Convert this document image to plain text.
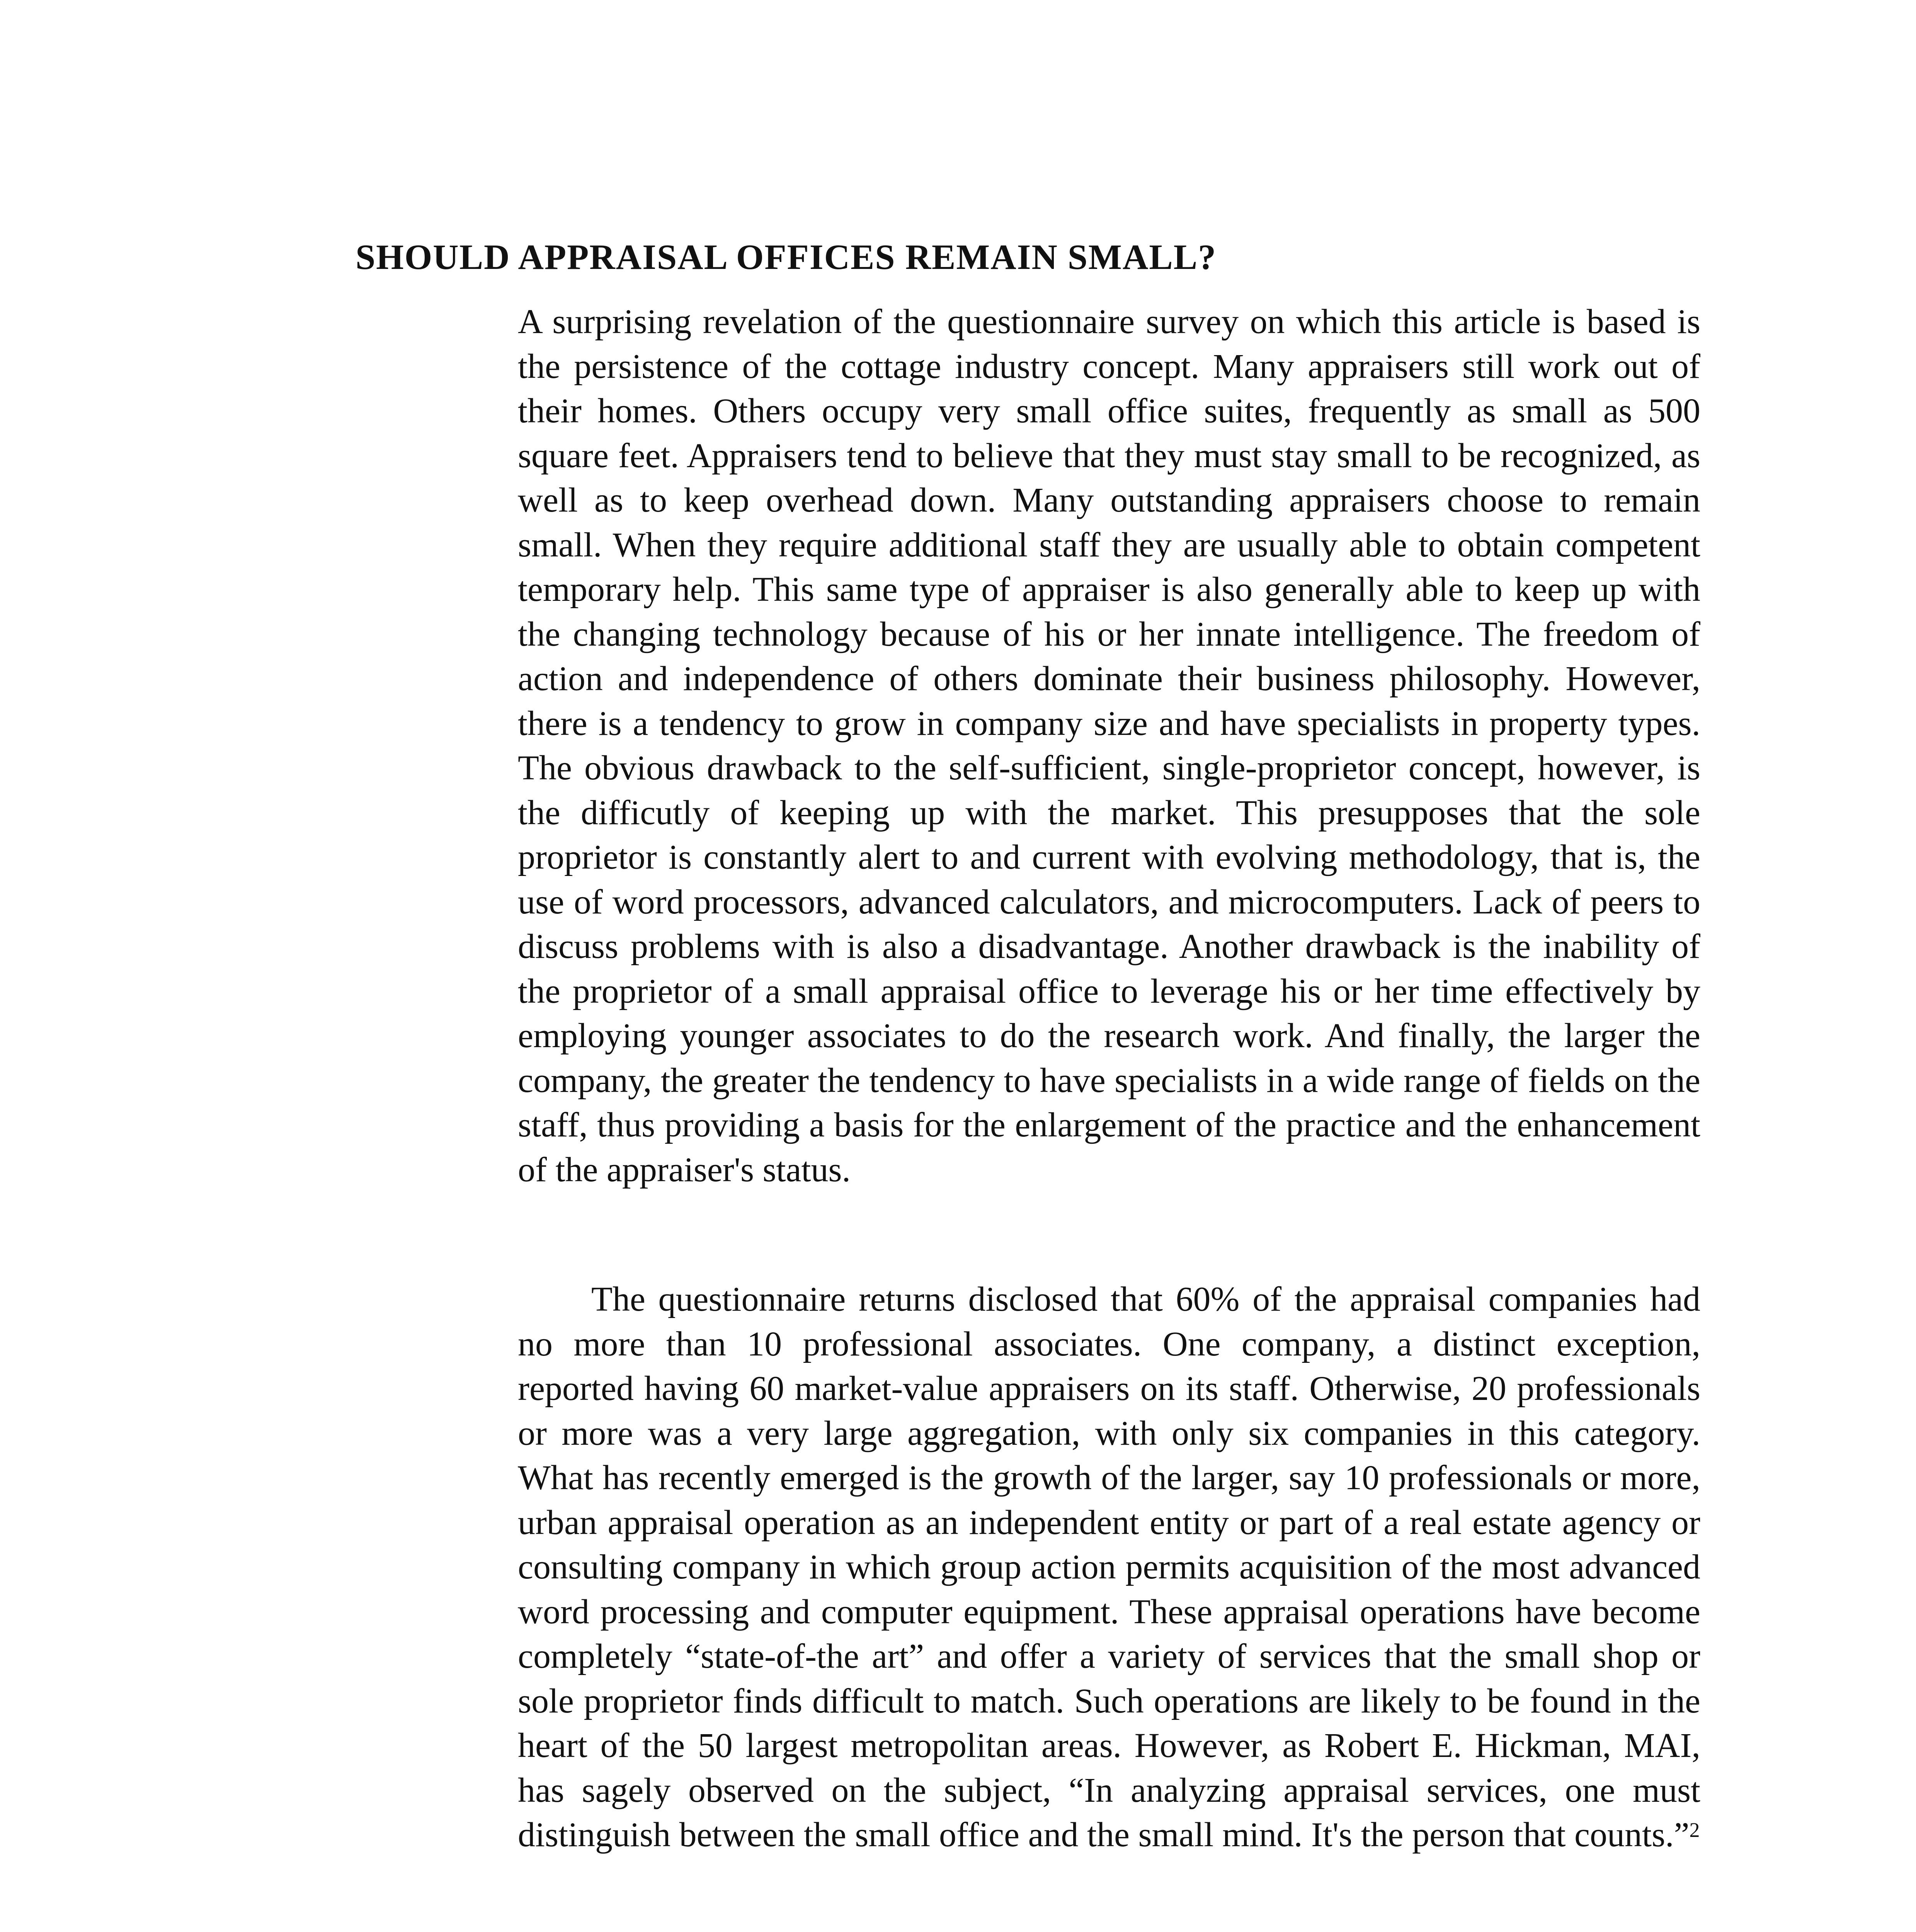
SHOULD APPRAISAL OFFICES REMAIN SMALL?

A surprising revelation of the questionnaire survey on which this article is based is the persistence of the cottage industry concept. Many appraisers still work out of their homes. Others occupy very small office suites, frequently as small as 500 square feet. Appraisers tend to believe that they must stay small to be recognized, as well as to keep overhead down. Many outstanding appraisers choose to remain small. When they require additional staff they are usually able to obtain competent temporary help. This same type of appraiser is also generally able to keep up with the changing technology because of his or her innate intelligence. The freedom of action and independence of others dominate their business philosophy. However, there is a tendency to grow in company size and have specialists in property types. The obvious drawback to the self-sufficient, single-proprietor concept, however, is the difficutly of keeping up with the market. This presupposes that the sole proprietor is constantly alert to and current with evolving methodology, that is, the use of word processors, advanced calculators, and microcomputers. Lack of peers to discuss problems with is also a disadvantage. Another drawback is the inability of the proprietor of a small appraisal office to leverage his or her time effectively by employing younger associates to do the research work. And finally, the larger the company, the greater the tendency to have specialists in a wide range of fields on the staff, thus providing a basis for the enlargement of the practice and the enhancement of the appraiser's status.

The questionnaire returns disclosed that 60% of the appraisal companies had no more than 10 professional associates. One company, a distinct exception, reported having 60 market-value appraisers on its staff. Otherwise, 20 professionals or more was a very large aggregation, with only six companies in this category. What has recently emerged is the growth of the larger, say 10 professionals or more, urban appraisal operation as an independent entity or part of a real estate agency or consulting company in which group action permits acquisition of the most advanced word processing and computer equipment. These appraisal operations have become completely “state-of-the art” and offer a variety of services that the small shop or sole proprietor finds difficult to match. Such operations are likely to be found in the heart of the 50 largest metropolitan areas. However, as Robert E. Hickman, MAI, has sagely observed on the subject, “In analyzing appraisal services, one must distinguish between the small office and the small mind. It's the person that counts.”$^2$
